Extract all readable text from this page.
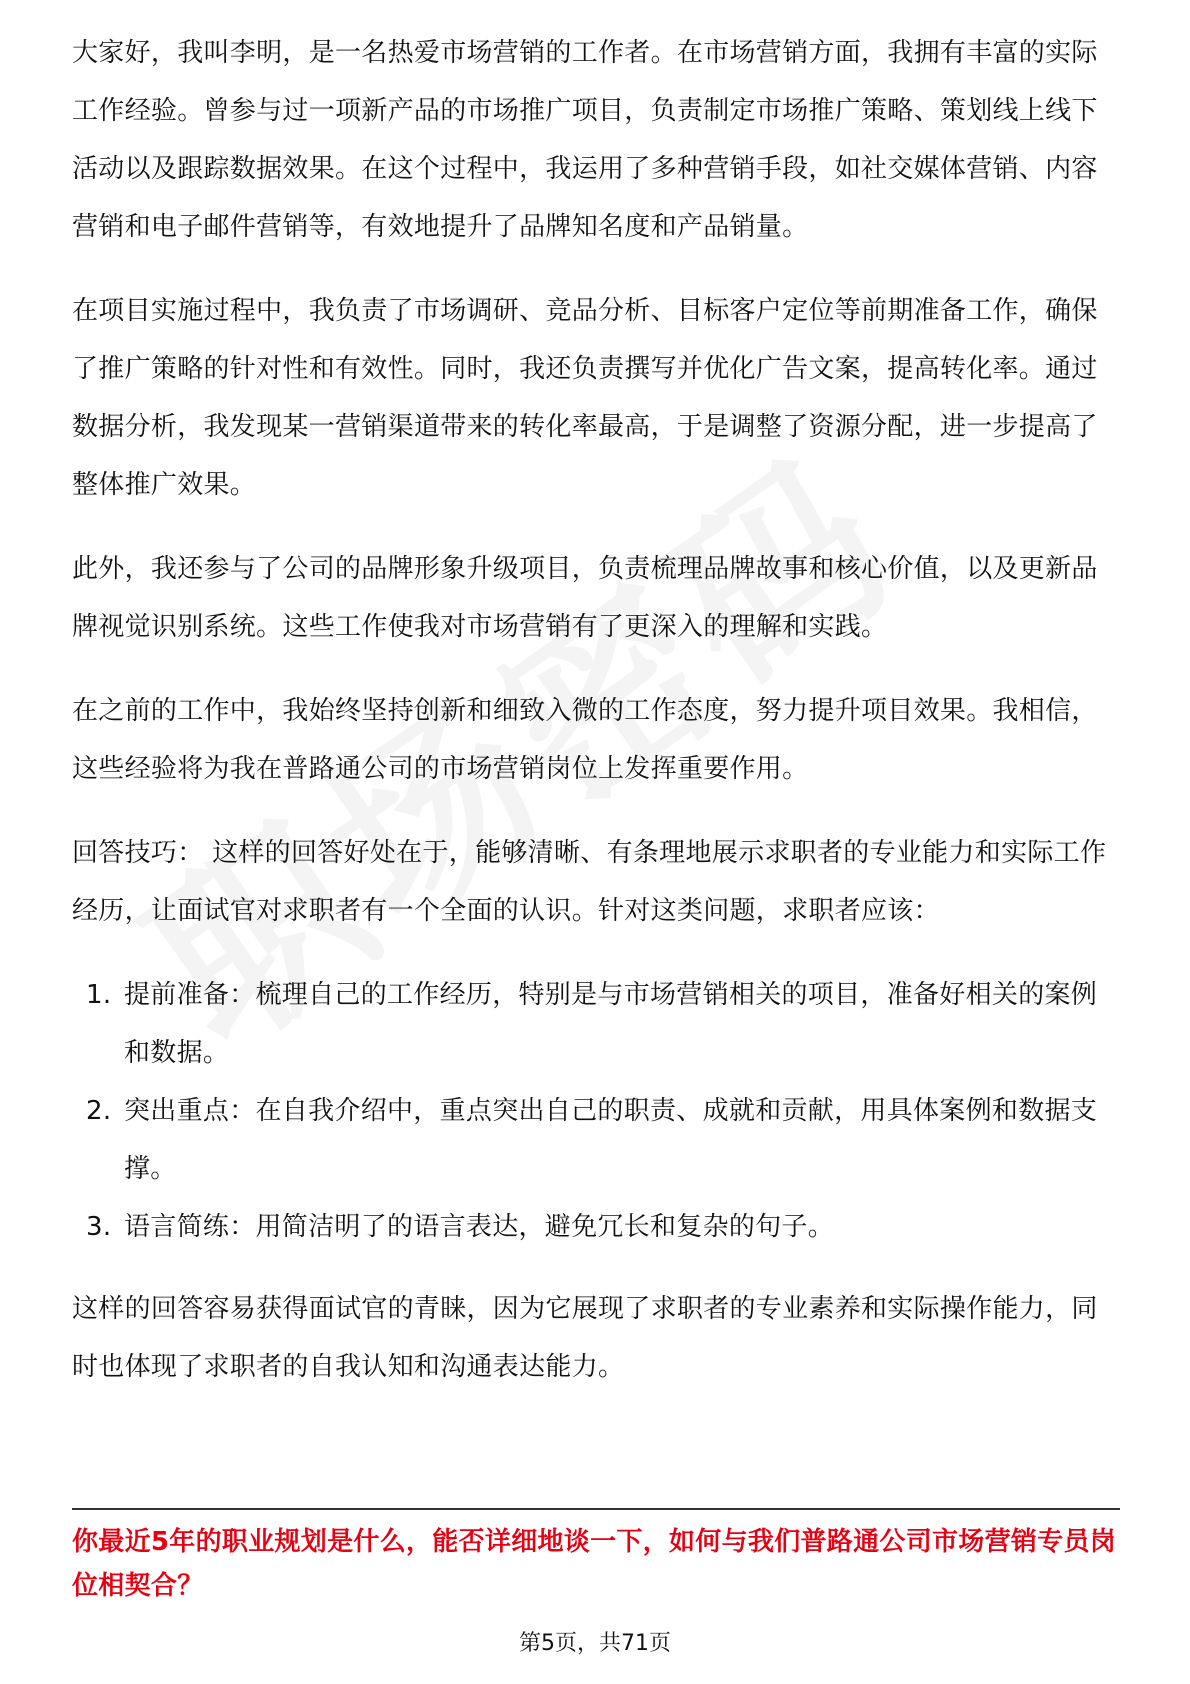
大家好，我叫李明，是一名热爱市场营销的工作者。在市场营销方面，我拥有丰富的实际工作经验。曾参与过一项新产品的市场推广项目，负责制定市场推广策略、策划线上线下活动以及跟踪数据效果。在这个过程中，我运用了多种营销手段，如社交媒体营销、内容营销和电子邮件营销等，有效地提升了品牌知名度和产品销量。

在项目实施过程中，我负责了市场调研、竞品分析、目标客户定位等前期准备工作，确保了推广策略的针对性和有效性。同时，我还负责撰写并优化广告文案，提高转化率。通过数据分析，我发现某一营销渠道带来的转化率最高，于是调整了资源分配，进一步提高了整体推广效果。

此外，我还参与了公司的品牌形象升级项目，负责梳理品牌故事和核心价值，以及更新品牌视觉识别系统。这些工作使我对市场营销有了更深入的理解和实践。

在之前的工作中，我始终坚持创新和细致入微的工作态度，努力提升项目效果。我相信，这些经验将为我在普路通公司的市场营销岗位上发挥重要作用。

回答技巧： 这样的回答好处在于，能够清晰、有条理地展示求职者的专业能力和实际工作经历，让面试官对求职者有一个全面的认识。针对这类问题，求职者应该：

1. 提前准备：梳理自己的工作经历，特别是与市场营销相关的项目，准备好相关的案例和数据。
2. 突出重点：在自我介绍中，重点突出自己的职责、成就和贡献，用具体案例和数据支撑。
3. 语言简练：用简洁明了的语言表达，避免冗长和复杂的句子。

这样的回答容易获得面试官的青睐，因为它展现了求职者的专业素养和实际操作能力，同时也体现了求职者的自我认知和沟通表达能力。

你最近5年的职业规划是什么，能否详细地谈一下，如何与我们普路通公司市场营销专员岗位相契合？
第5页，共71页
